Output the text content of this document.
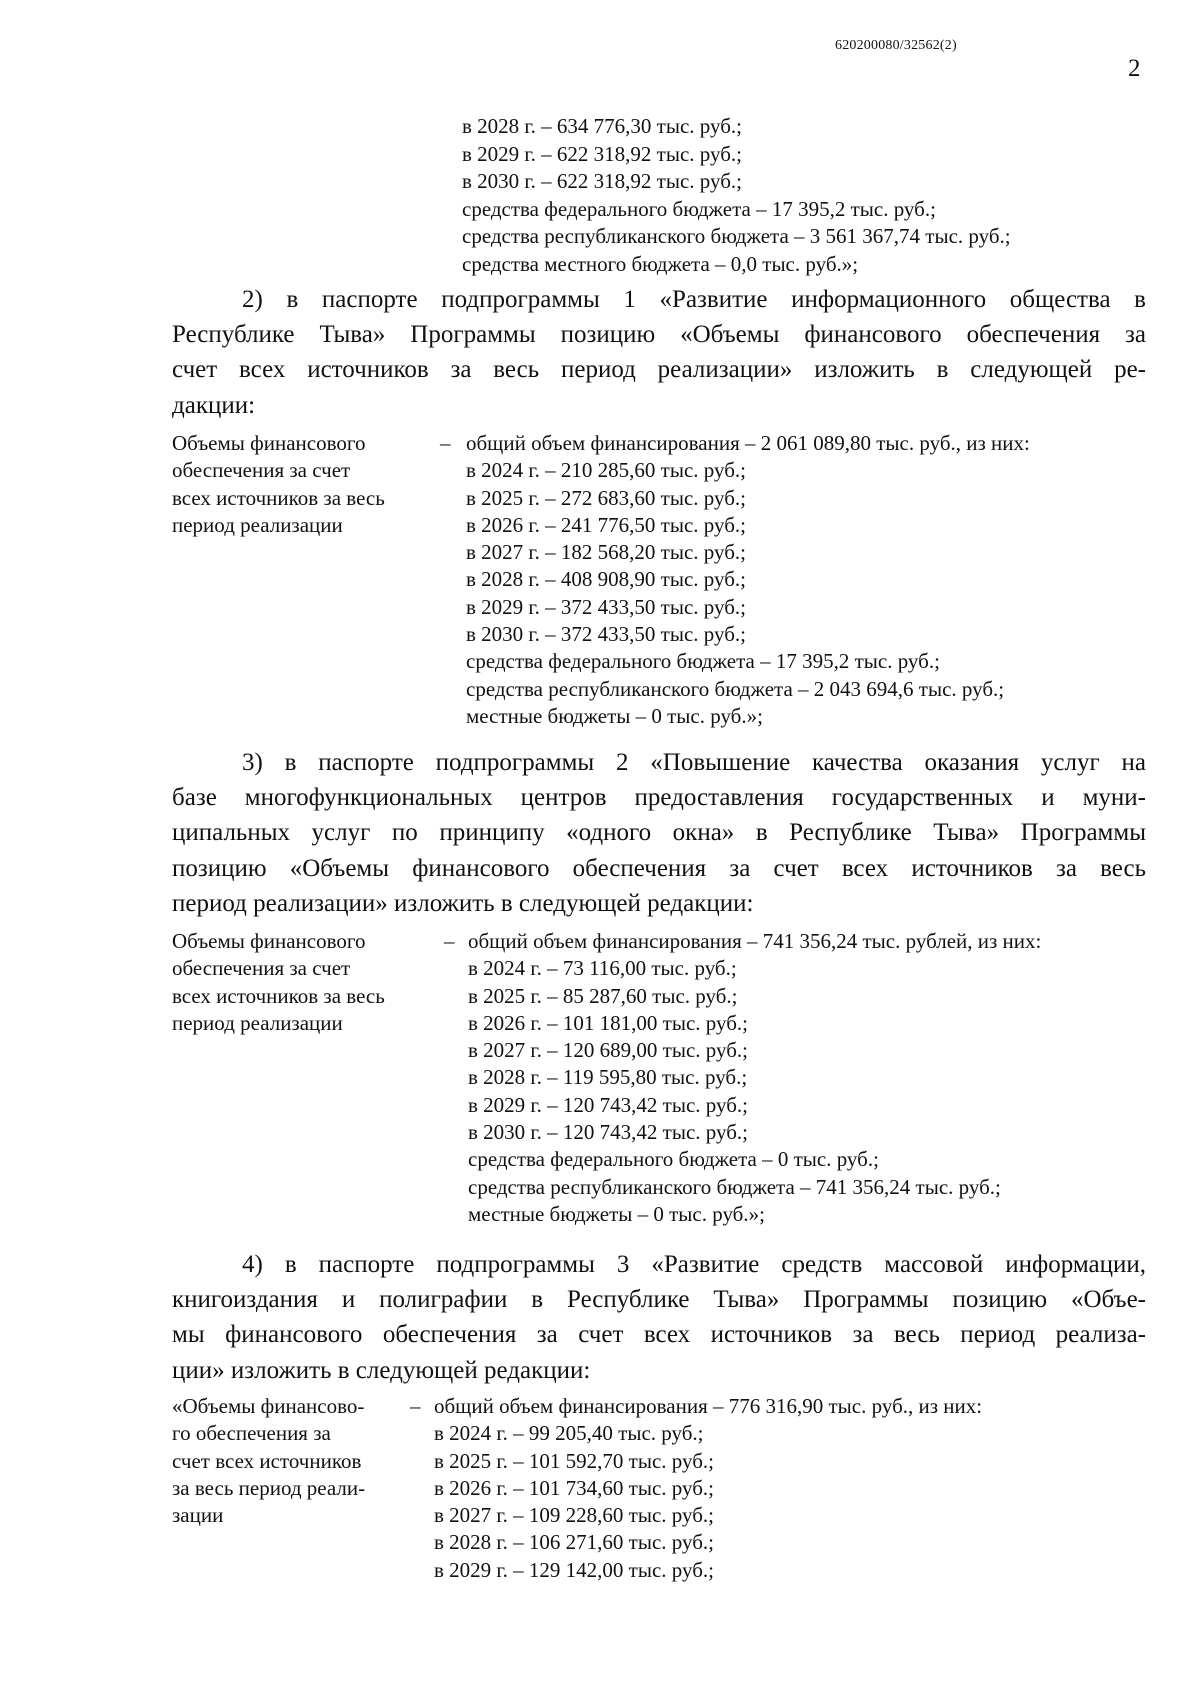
620200080/32562(2)
2
в 2028 г. – 634 776,30 тыс. руб.;
в 2029 г. – 622 318,92 тыс. руб.;
в 2030 г. – 622 318,92 тыс. руб.;
средства федерального бюджета – 17 395,2 тыс. руб.;
средства республиканского бюджета – 3 561 367,74 тыс. руб.;
средства местного бюджета – 0,0 тыс. руб.»;
2) в паспорте подпрограммы 1 «Развитие информационного общества в
Республике Тыва» Программы позицию «Объемы финансового обеспечения за
счет всех источников за весь период реализации» изложить в следующей ре-
дакции:
Объемы финансового
обеспечения за счет
всех источников за весь
период реализации
– общий объем финансирования – 2 061 089,80 тыс. руб., из них:
в 2024 г. – 210 285,60 тыс. руб.;
в 2025 г. – 272 683,60 тыс. руб.;
в 2026 г. – 241 776,50 тыс. руб.;
в 2027 г. – 182 568,20 тыс. руб.;
в 2028 г. – 408 908,90 тыс. руб.;
в 2029 г. – 372 433,50 тыс. руб.;
в 2030 г. – 372 433,50 тыс. руб.;
средства федерального бюджета – 17 395,2 тыс. руб.;
средства республиканского бюджета – 2 043 694,6 тыс. руб.;
местные бюджеты – 0 тыс. руб.»;
3) в паспорте подпрограммы 2 «Повышение качества оказания услуг на
базе многофункциональных центров предоставления государственных и муни-
ципальных услуг по принципу «одного окна» в Республике Тыва» Программы
позицию «Объемы финансового обеспечения за счет всех источников за весь
период реализации» изложить в следующей редакции:
Объемы финансового
обеспечения за счет
всех источников за весь
период реализации
– общий объем финансирования – 741 356,24 тыс. рублей, из них:
в 2024 г. – 73 116,00 тыс. руб.;
в 2025 г. – 85 287,60 тыс. руб.;
в 2026 г. – 101 181,00 тыс. руб.;
в 2027 г. – 120 689,00 тыс. руб.;
в 2028 г. – 119 595,80 тыс. руб.;
в 2029 г. – 120 743,42 тыс. руб.;
в 2030 г. – 120 743,42 тыс. руб.;
средства федерального бюджета – 0 тыс. руб.;
средства республиканского бюджета – 741 356,24 тыс. руб.;
местные бюджеты – 0 тыс. руб.»;
4) в паспорте подпрограммы 3 «Развитие средств массовой информации,
книгоиздания и полиграфии в Республике Тыва» Программы позицию «Объе-
мы финансового обеспечения за счет всех источников за весь период реализа-
ции» изложить в следующей редакции:
«Объемы финансово-
го обеспечения за
счет всех источников
за весь период реали-
зации
– общий объем финансирования – 776 316,90 тыс. руб., из них:
в 2024 г. – 99 205,40 тыс. руб.;
в 2025 г. – 101 592,70 тыс. руб.;
в 2026 г. – 101 734,60 тыс. руб.;
в 2027 г. – 109 228,60 тыс. руб.;
в 2028 г. – 106 271,60 тыс. руб.;
в 2029 г. – 129 142,00 тыс. руб.;
